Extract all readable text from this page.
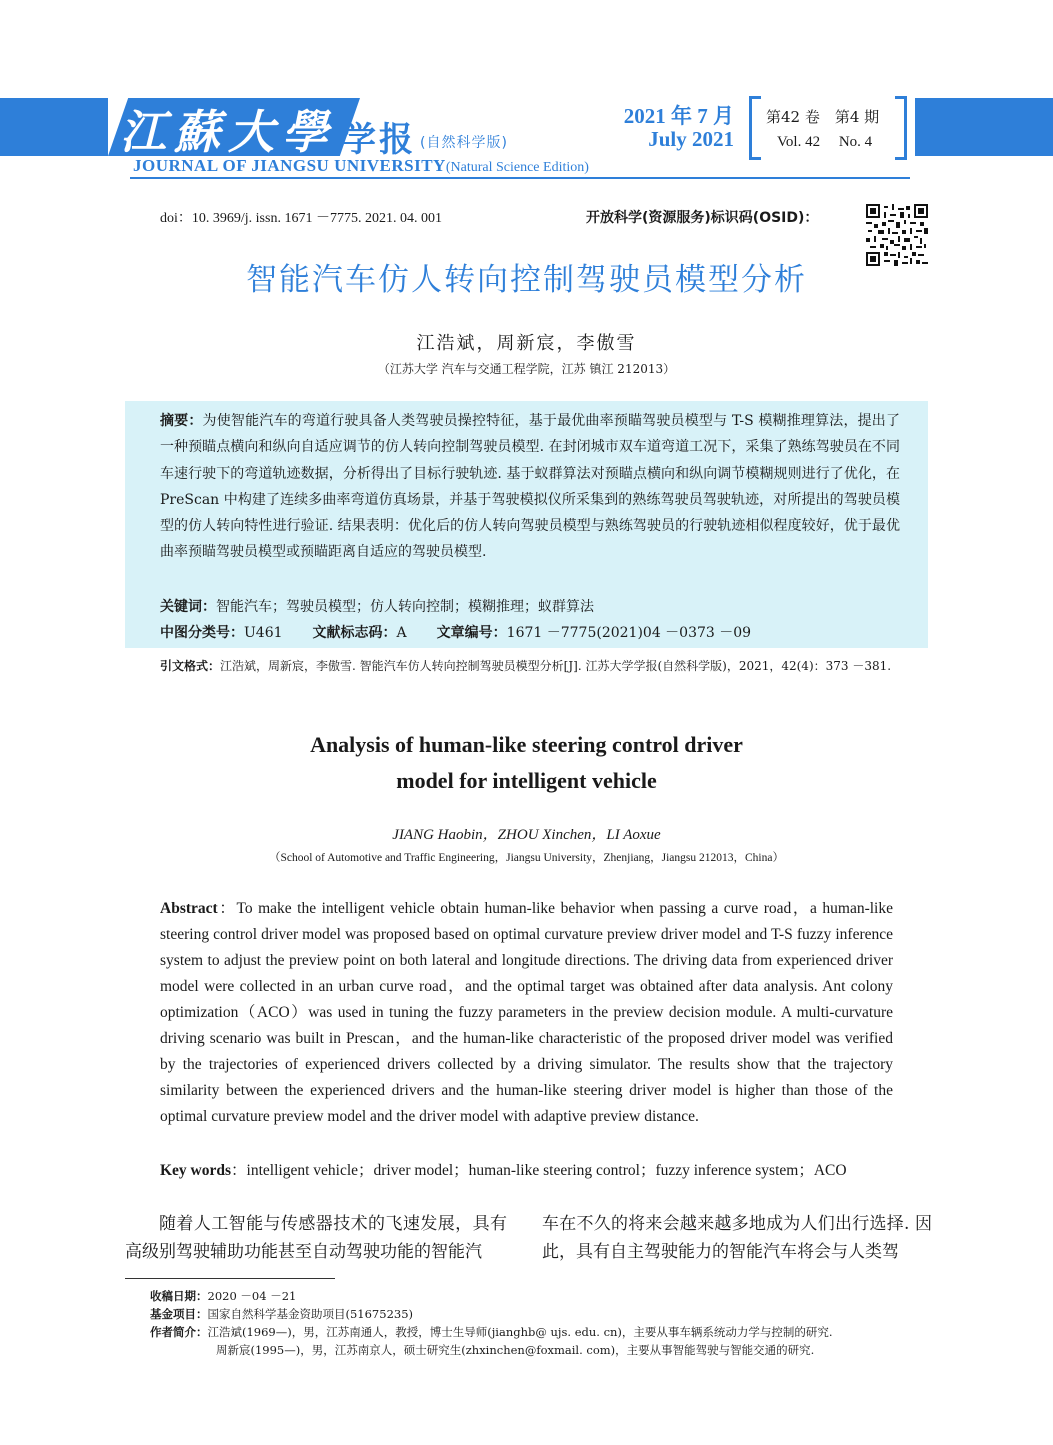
江蘇大學 学报 (自然科学版)
JOURNAL OF JIANGSU UNIVERSITY(Natural Science Edition)
2021 年 7 月
July 2021
第42 卷　第4 期
Vol. 42　 No. 4
doi：10. 3969/j. issn. 1671 －7775. 2021. 04. 001	开放科学(资源服务)标识码(OSID)：
智能汽车仿人转向控制驾驶员模型分析
江浩斌，周新宸，李傲雪
（江苏大学 汽车与交通工程学院，江苏 镇江 212013）
摘要：为使智能汽车的弯道行驶具备人类驾驶员操控特征，基于最优曲率预瞄驾驶员模型与 T-S 模糊推理算法，提出了一种预瞄点横向和纵向自适应调节的仿人转向控制驾驶员模型. 在封闭城市双车道弯道工况下，采集了熟练驾驶员在不同车速行驶下的弯道轨迹数据，分析得出了目标行驶轨迹. 基于蚁群算法对预瞄点横向和纵向调节模糊规则进行了优化，在 PreScan 中构建了连续多曲率弯道仿真场景，并基于驾驶模拟仪所采集到的熟练驾驶员驾驶轨迹，对所提出的驾驶员模型的仿人转向特性进行验证. 结果表明：优化后的仿人转向驾驶员模型与熟练驾驶员的行驶轨迹相似程度较好，优于最优曲率预瞄驾驶员模型或预瞄距离自适应的驾驶员模型.
关键词：智能汽车；驾驶员模型；仿人转向控制；模糊推理；蚁群算法
中图分类号：U461 文献标志码：A 文章编号：1671 －7775(2021)04 －0373 －09
引文格式：江浩斌，周新宸，李傲雪. 智能汽车仿人转向控制驾驶员模型分析[J]. 江苏大学学报(自然科学版)，2021，42(4)：373 －381.
Analysis of human-like steering control driver
model for intelligent vehicle
JIANG Haobin，ZHOU Xinchen，LI Aoxue
（School of Automotive and Traffic Engineering，Jiangsu University，Zhenjiang，Jiangsu 212013，China）
Abstract：To make the intelligent vehicle obtain human-like behavior when passing a curve road，a human-like steering control driver model was proposed based on optimal curvature preview driver model and T-S fuzzy inference system to adjust the preview point on both lateral and longitude directions. The driving data from experienced driver model were collected in an urban curve road，and the optimal target was obtained after data analysis. Ant colony optimization（ACO）was used in tuning the fuzzy parameters in the preview decision module. A multi-curvature driving scenario was built in Prescan，and the human-like characteristic of the proposed driver model was verified by the trajectories of experienced drivers collected by a driving simulator. The results show that the trajectory similarity between the experienced drivers and the human-like steering driver model is higher than those of the optimal curvature preview model and the driver model with adaptive preview distance.
Key words：intelligent vehicle；driver model；human-like steering control；fuzzy inference system；ACO
随着人工智能与传感器技术的飞速发展，具有高级别驾驶辅助功能甚至自动驾驶功能的智能汽
车在不久的将来会越来越多地成为人们出行选择. 因此，具有自主驾驶能力的智能汽车将会与人类驾
收稿日期：2020 －04 －21
基金项目：国家自然科学基金资助项目(51675235)
作者简介：江浩斌(1969—)，男，江苏南通人，教授，博士生导师(jianghb@ ujs. edu. cn)，主要从事车辆系统动力学与控制的研究.
周新宸(1995—)，男，江苏南京人，硕士研究生(zhxinchen@foxmail. com)，主要从事智能驾驶与智能交通的研究.
